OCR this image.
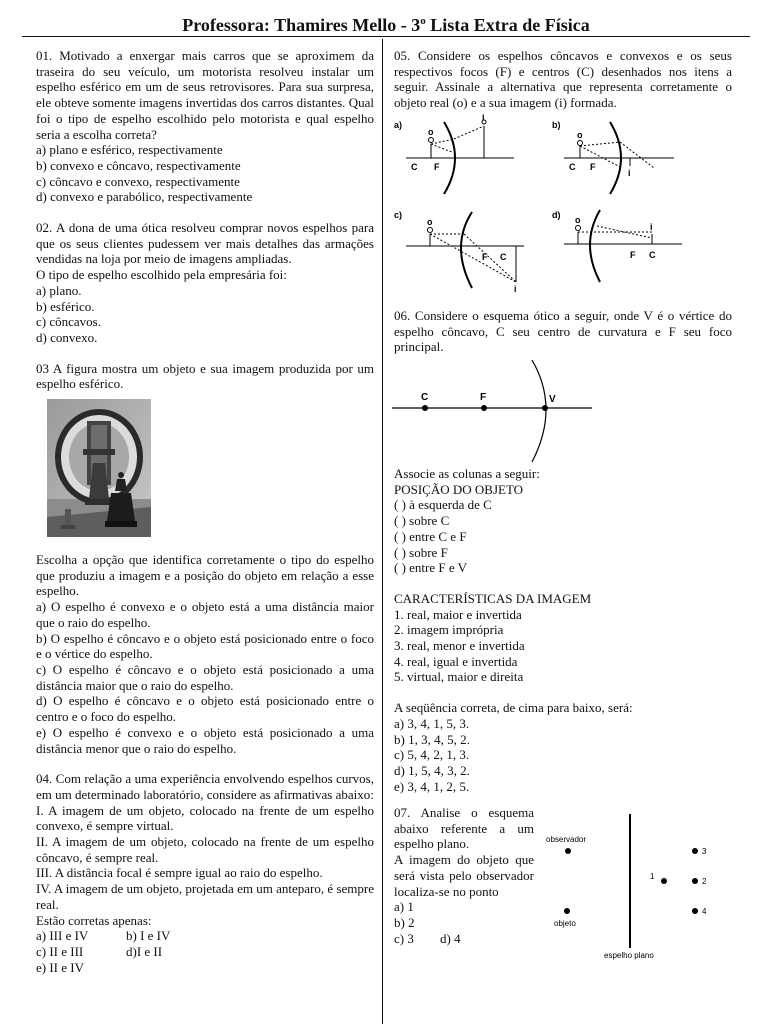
Professora: Thamires Mello - 3$^o$ Lista Extra de Física

01. Motivado a enxergar mais carros que se aproximem da traseira do seu veículo, um motorista resolveu instalar um espelho esférico em um de seus retrovisores. Para sua surpresa, ele obteve somente imagens invertidas dos carros distantes. Qual foi o tipo de espelho escolhido pelo motorista e qual espelho seria a escolha correta?

a) plano e esférico, respectivamente

b) convexo e côncavo, respectivamente

c) côncavo e convexo, respectivamente

d) convexo e parabólico, respectivamente

02. A dona de uma ótica resolveu comprar novos espelhos para que os seus clientes pudessem ver mais detalhes das armações vendidas na loja por meio de imagens ampliadas.

O tipo de espelho escolhido pela empresária foi:

a) plano.

b) esférico.

c) côncavos.

d) convexo.

03 A figura mostra um objeto e sua imagem produzida por um espelho esférico.

Escolha a opção que identifica corretamente o tipo do espelho que produziu a imagem e a posição do objeto em relação a esse espelho.

a) O espelho é convexo e o objeto está a uma distância maior que o raio do espelho.

b) O espelho é côncavo e o objeto está posicionado entre o foco e o vértice do espelho.

c) O espelho é côncavo e o objeto está posicionado a uma distância maior que o raio do espelho.

d) O espelho é côncavo e o objeto está posicionado entre o centro e o foco do espelho.

e) O espelho é convexo e o objeto está posicionado a uma distância menor que o raio do espelho.

04. Com relação a uma experiência envolvendo espelhos curvos, em um determinado laboratório, considere as afirmativas abaixo:

I. A imagem de um objeto, colocado na frente de um espelho convexo, é sempre virtual.

II. A imagem de um objeto, colocado na frente de um espelho côncavo, é sempre real.

III. A distância focal é sempre igual ao raio do espelho.

IV. A imagem de um objeto, projetada em um anteparo, é sempre real.

Estão corretas apenas:

a) III e IV	b) I e IV

c) II e III	d)I e II

e) II e IV

05. Considere os espelhos côncavos e convexos e os seus respectivos focos (F) e centros (C) desenhados nos itens a seguir. Assinale a alternativa que representa corretamente o objeto real (o) e a sua imagem (i) formada.

a)
C F
o
i
b)
C F
o
i
c)
F C
o
i
d)
F C
o
i

06. Considere o esquema ótico a seguir, onde V é o vértice do espelho côncavo, C seu centro de curvatura e F seu foco principal.

C	F	V

Associe as colunas a seguir:

POSIÇÃO DO OBJETO

( ) à esquerda de C

( ) sobre C

( ) entre C e F

( ) sobre F

( ) entre F e V

CARACTERÍSTICAS DA IMAGEM

1. real, maior e invertida

2. imagem imprópria

3. real, menor e invertida

4. real, igual e invertida

5. virtual, maior e direita

A seqüência correta, de cima para baixo, será:

a) 3, 4, 1, 5, 3.

b) 1, 3, 4, 5, 2.

c) 5, 4, 2, 1, 3.

d) 1, 5, 4, 3, 2.

e) 3, 4, 1, 2, 5.

07. Analise o esquema abaixo referente a um espelho plano.

A imagem do objeto que será vista pelo observador localiza-se no ponto

a) 1

b) 2

c) 3 d) 4

observador
objeto
1
3
2
4
espelho plano
